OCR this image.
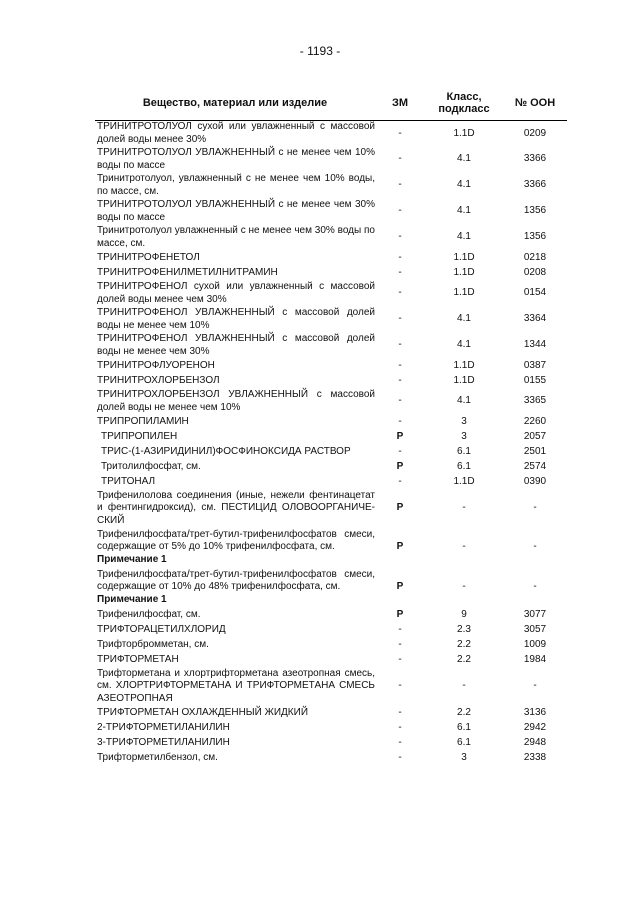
- 1193 -
Вещество, материал или изделие	ЗМ	Класс, подкласс	№ ООН
ТРИНИТРОТОЛУОЛ сухой или увлажненный с массовой долей воды менее 30%	-	1.1D	0209
ТРИНИТРОТОЛУОЛ УВЛАЖНЕННЫЙ с не менее чем 10% воды по массе	-	4.1	3366
Тринитротолуол, увлажненный с не менее чем 10% воды, по массе, см.	-	4.1	3366
ТРИНИТРОТОЛУОЛ УВЛАЖНЕННЫЙ с не менее чем 30% воды по массе	-	4.1	1356
Тринитротолуол увлажненный с не менее чем 30% воды по массе, см.	-	4.1	1356
ТРИНИТРОФЕНЕТОЛ	-	1.1D	0218
ТРИНИТРОФЕНИЛМЕТИЛНИТРАМИН	-	1.1D	0208
ТРИНИТРОФЕНОЛ сухой или увлажненный с массовой долей воды менее чем 30%	-	1.1D	0154
ТРИНИТРОФЕНОЛ УВЛАЖНЕННЫЙ с массовой долей воды не менее чем 10%	-	4.1	3364
ТРИНИТРОФЕНОЛ УВЛАЖНЕННЫЙ с массовой долей воды не менее чем 30%	-	4.1	1344
ТРИНИТРОФЛУОРЕНОН	-	1.1D	0387
ТРИНИТРОХЛОРБЕНЗОЛ	-	1.1D	0155
ТРИНИТРОХЛОРБЕНЗОЛ УВЛАЖНЕННЫЙ с массовой долей воды не менее чем 10%	-	4.1	3365
ТРИПРОПИЛАМИН	-	3	2260
ТРИПРОПИЛЕН	Р	3	2057
ТРИС-(1-АЗИРИДИНИЛ)ФОСФИНОКСИДА РАСТВОР	-	6.1	2501
Тритолилфосфат, см.	Р	6.1	2574
ТРИТОНАЛ	-	1.1D	0390
Трифенилолова соединения (иные, нежели фентинацетат и фентингидроксид), см. ПЕСТИЦИД ОЛОВООРГАНИЧЕ-СКИЙ	Р	-	-
Трифенилфосфата/трет-бутил-трифенилфосфатов смеси, содержащие от 5% до 10% трифенилфосфата, см.
Примечание 1	Р	-	-
Трифенилфосфата/трет-бутил-трифенилфосфатов смеси, содержащие от 10% до 48% трифенилфосфата, см.
Примечание 1	Р	-	-
Трифенилфосфат, см.	Р	9	3077
ТРИФТОРАЦЕТИЛХЛОРИД	-	2.3	3057
Трифторбромметан, см.	-	2.2	1009
ТРИФТОРМЕТАН	-	2.2	1984
Трифторметана и хлортрифторметана азеотропная смесь, см. ХЛОРТРИФТОРМЕТАНА И ТРИФТОРМЕТАНА СМЕСЬ АЗЕОТРОПНАЯ	-	-	-
ТРИФТОРМЕТАН ОХЛАЖДЕННЫЙ ЖИДКИЙ	-	2.2	3136
2-ТРИФТОРМЕТИЛАНИЛИН	-	6.1	2942
3-ТРИФТОРМЕТИЛАНИЛИН	-	6.1	2948
Трифторметилбензол, см.	-	3	2338
